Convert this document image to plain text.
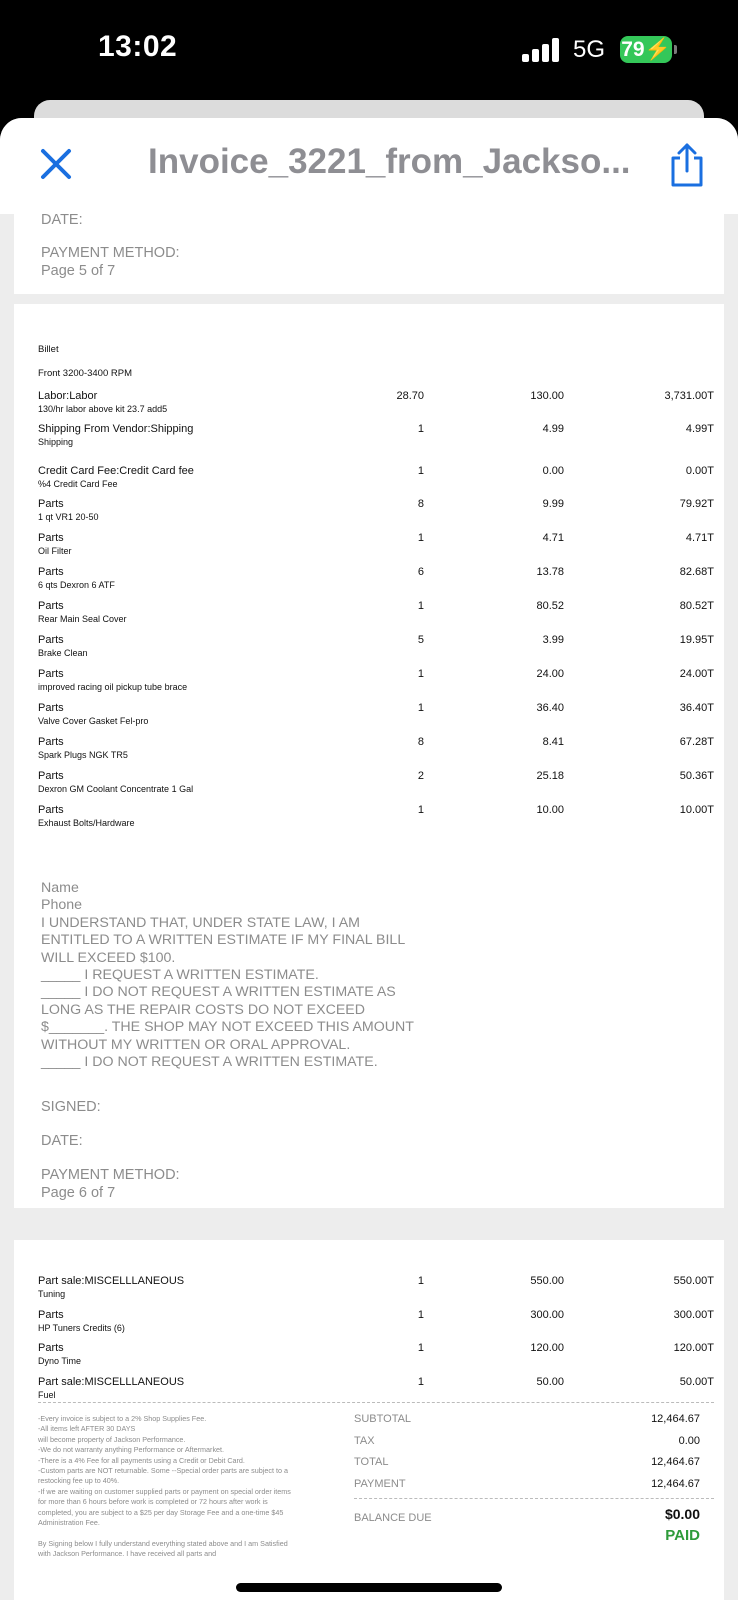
13:02	5G 79⚡
Invoice_3221_from_Jackso...
DATE:
PAYMENT METHOD:
Page 5 of 7
Billet
Front 3200-3400 RPM
Labor:Labor
130/hr labor above kit 23.7 add5
28.70	130.00	3,731.00T
Shipping From Vendor:Shipping
Shipping
1	4.99	4.99T
Credit Card Fee:Credit Card fee
%4 Credit Card Fee
1	0.00	0.00T
Parts
1 qt VR1 20-50
8	9.99	79.92T
Parts
Oil Filter
1	4.71	4.71T
Parts
6 qts Dexron 6 ATF
6	13.78	82.68T
Parts
Rear Main Seal Cover
1	80.52	80.52T
Parts
Brake Clean
5	3.99	19.95T
Parts
improved racing oil pickup tube brace
1	24.00	24.00T
Parts
Valve Cover Gasket Fel-pro
1	36.40	36.40T
Parts
Spark Plugs NGK TR5
8	8.41	67.28T
Parts
Dexron GM Coolant Concentrate 1 Gal
2	25.18	50.36T
Parts
Exhaust Bolts/Hardware
1	10.00	10.00T
Name
Phone
I UNDERSTAND THAT, UNDER STATE LAW, I AM
ENTITLED TO A WRITTEN ESTIMATE IF MY FINAL BILL
WILL EXCEED $100.
_____ I REQUEST A WRITTEN ESTIMATE.
_____ I DO NOT REQUEST A WRITTEN ESTIMATE AS
LONG AS THE REPAIR COSTS DO NOT EXCEED
$_______. THE SHOP MAY NOT EXCEED THIS AMOUNT
WITHOUT MY WRITTEN OR ORAL APPROVAL.
_____ I DO NOT REQUEST A WRITTEN ESTIMATE.
SIGNED:
DATE:
PAYMENT METHOD:
Page 6 of 7
Part sale:MISCELLLANEOUS
Tuning
1	550.00	550.00T
Parts
HP Tuners Credits (6)
1	300.00	300.00T
Parts
Dyno Time
1	120.00	120.00T
Part sale:MISCELLLANEOUS
Fuel
1	50.00	50.00T
-Every invoice is subject to a 2% Shop Supplies Fee.
-All items left AFTER 30 DAYS
will become property of Jackson Performance.
-We do not warranty anything Performance or Aftermarket.
-There is a 4% Fee for all payments using a Credit or Debit Card.
-Custom parts are NOT returnable. Some --Special order parts are subject to a
restocking fee up to 40%.
-If we are waiting on customer supplied parts or payment on special order items
for more than 6 hours before work is completed or 72 hours after work is
completed, you are subject to a $25 per day Storage Fee and a one-time $45
Administration Fee.
By Signing below I fully understand everything stated above and I am Satisfied
with Jackson Performance. I have received all parts and
SUBTOTAL	12,464.67
TAX	0.00
TOTAL	12,464.67
PAYMENT	12,464.67
BALANCE DUE	$0.00
PAID
